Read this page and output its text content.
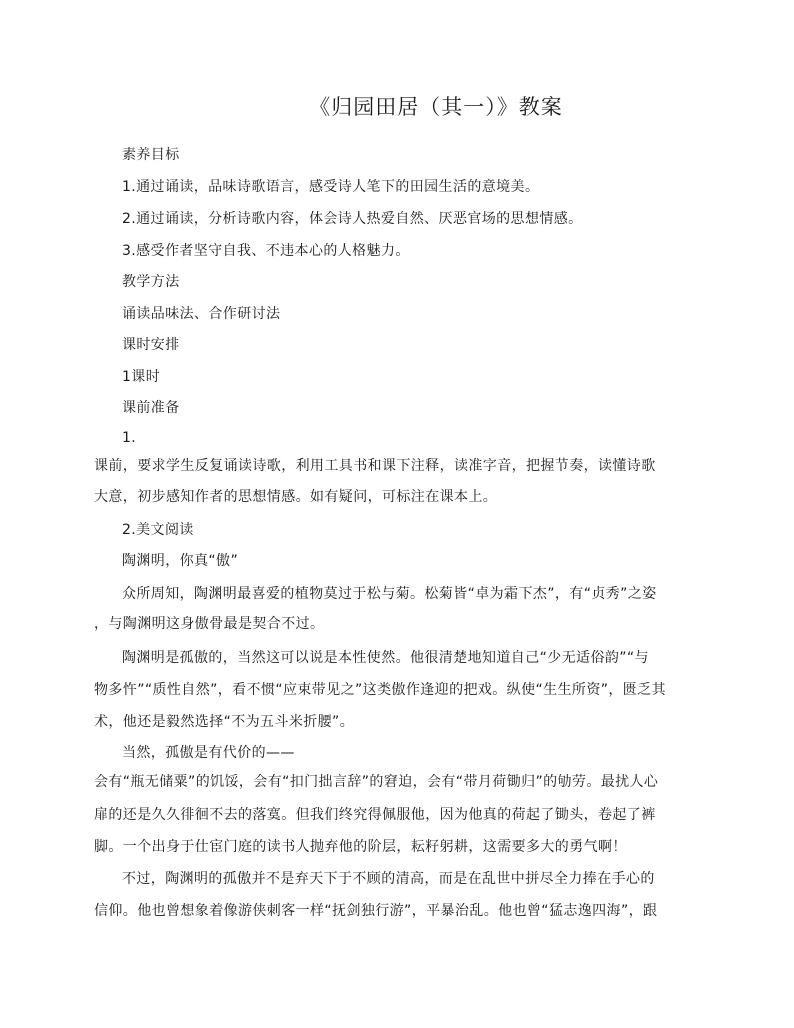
《归园田居（其一）》教案
素养目标
1.通过诵读，品味诗歌语言，感受诗人笔下的田园生活的意境美。
2.通过诵读，分析诗歌内容，体会诗人热爱自然、厌恶官场的思想情感。
3.感受作者坚守自我、不违本心的人格魅力。
教学方法
诵读品味法、合作研讨法
课时安排
1课时
课前准备
1.
课前，要求学生反复诵读诗歌，利用工具书和课下注释，读准字音，把握节奏，读懂诗歌
大意，初步感知作者的思想情感。如有疑问，可标注在课本上。
2.美文阅读
陶渊明，你真“傲”
众所周知，陶渊明最喜爱的植物莫过于松与菊。松菊皆“卓为霜下杰”，有“贞秀”之姿
，与陶渊明这身傲骨最是契合不过。
陶渊明是孤傲的，当然这可以说是本性使然。他很清楚地知道自己“少无适俗韵”“与
物多忤”“质性自然”，看不惯“应束带见之”这类傲作逢迎的把戏。纵使“生生所资”，匮乏其
术，他还是毅然选择“不为五斗米折腰”。
当然，孤傲是有代价的——
会有“瓶无储粟”的饥馁，会有“扣门拙言辞”的窘迫，会有“带月荷锄归”的劬劳。最扰人心
扉的还是久久徘徊不去的落寞。但我们终究得佩服他，因为他真的荷起了锄头，卷起了裤
脚。一个出身于仕宦门庭的读书人抛弃他的阶层，耘籽躬耕，这需要多大的勇气啊！
不过，陶渊明的孤傲并不是弃天下于不顾的清高，而是在乱世中拼尽全力捧在手心的
信仰。他也曾想象着像游侠刺客一样“抚剑独行游”，平暴治乱。他也曾“猛志逸四海”，跟
